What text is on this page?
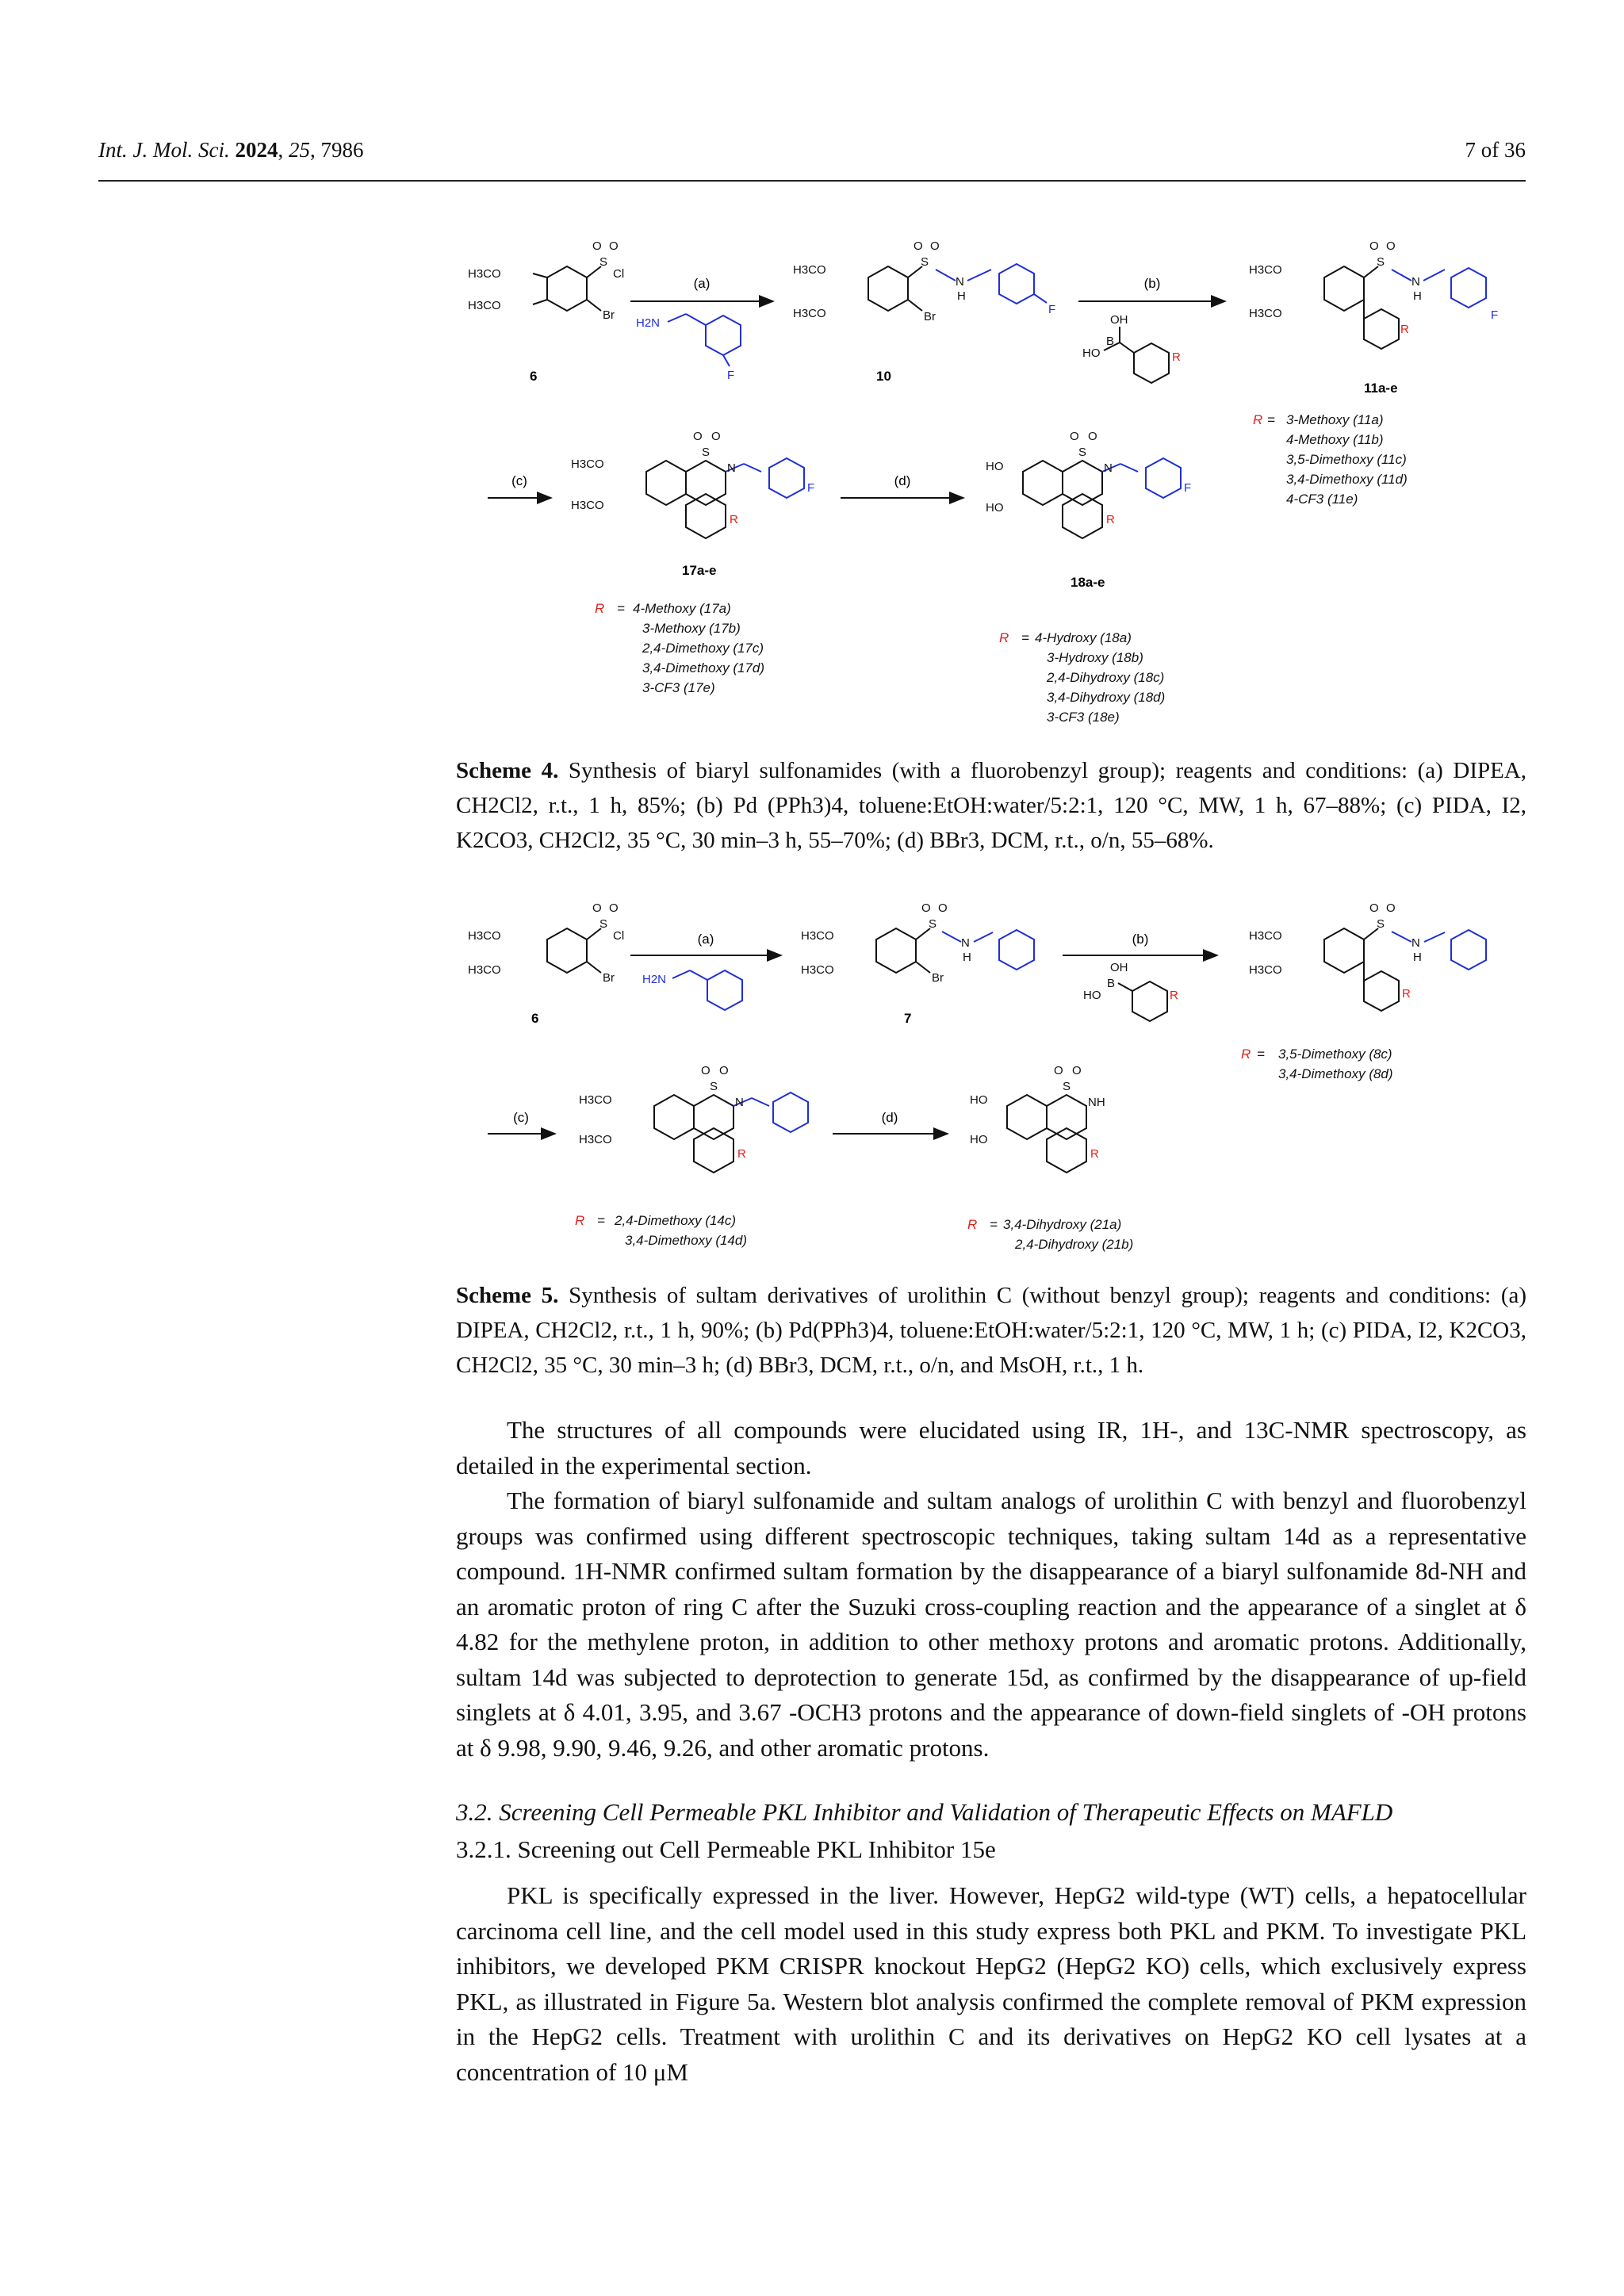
Int. J. Mol. Sci. 2024, 25, 7986	7 of 36
H3CO
H3CO
S
O O
Cl
Br
6
(a)
H2N
F
H3CO
H3CO
S
O O
Br
N
H
F
10
(b)
OH
B
HO	R
H3CO
H3CO
S
O O
N
H
F
R
11a-e
R = 3-Methoxy (11a)
4-Methoxy (11b)
3,5-Dimethoxy (11c)
3,4-Dimethoxy (11d)
4-CF3 (11e)
(c)
H3CO
H3CO
S
O O
N
F
R
17a-e
R = 4-Methoxy (17a)
3-Methoxy (17b)
2,4-Dimethoxy (17c)
3,4-Dimethoxy (17d)
3-CF3 (17e)
(d)
HO
HO
S
O O
N
F
R
18a-e
R = 4-Hydroxy (18a)
3-Hydroxy (18b)
2,4-Dihydroxy (18c)
3,4-Dihydroxy (18d)
3-CF3 (18e)
Scheme 4. Synthesis of biaryl sulfonamides (with a fluorobenzyl group); reagents and conditions: (a) DIPEA, CH2Cl2, r.t., 1 h, 85%; (b) Pd (PPh3)4, toluene:EtOH:water/5:2:1, 120 °C, MW, 1 h, 67–88%; (c) PIDA, I2, K2CO3, CH2Cl2, 35 °C, 30 min–3 h, 55–70%; (d) BBr3, DCM, r.t., o/n, 55–68%.
H3CO
H3CO
S
O O
Cl
Br
6
(a)
H2N
H3CO
H3CO
S
O O
Br
N
H
7
(b)
OH
B
HO	R
H3CO
H3CO
S
O O
N
H
R
R = 3,5-Dimethoxy (8c)
3,4-Dimethoxy (8d)
(c)
H3CO
H3CO
S
O O
N
R
R = 2,4-Dimethoxy (14c)
3,4-Dimethoxy (14d)
(d)
HO
HO
S
O O
NH
R
R = 3,4-Dihydroxy (21a)
2,4-Dihydroxy (21b)
Scheme 5. Synthesis of sultam derivatives of urolithin C (without benzyl group); reagents and conditions: (a) DIPEA, CH2Cl2, r.t., 1 h, 90%; (b) Pd(PPh3)4, toluene:EtOH:water/5:2:1, 120 °C, MW, 1 h; (c) PIDA, I2, K2CO3, CH2Cl2, 35 °C, 30 min–3 h; (d) BBr3, DCM, r.t., o/n, and MsOH, r.t., 1 h.
The structures of all compounds were elucidated using IR, 1H-, and 13C-NMR spectroscopy, as detailed in the experimental section.
The formation of biaryl sulfonamide and sultam analogs of urolithin C with benzyl and fluorobenzyl groups was confirmed using different spectroscopic techniques, taking sultam 14d as a representative compound. 1H-NMR confirmed sultam formation by the disappearance of a biaryl sulfonamide 8d-NH and an aromatic proton of ring C after the Suzuki cross-coupling reaction and the appearance of a singlet at δ 4.82 for the methylene proton, in addition to other methoxy protons and aromatic protons. Additionally, sultam 14d was subjected to deprotection to generate 15d, as confirmed by the disappearance of up-field singlets at δ 4.01, 3.95, and 3.67 -OCH3 protons and the appearance of down-field singlets of -OH protons at δ 9.98, 9.90, 9.46, 9.26, and other aromatic protons.
3.2. Screening Cell Permeable PKL Inhibitor and Validation of Therapeutic Effects on MAFLD
3.2.1. Screening out Cell Permeable PKL Inhibitor 15e
PKL is specifically expressed in the liver. However, HepG2 wild-type (WT) cells, a hepatocellular carcinoma cell line, and the cell model used in this study express both PKL and PKM. To investigate PKL inhibitors, we developed PKM CRISPR knockout HepG2 (HepG2 KO) cells, which exclusively express PKL, as illustrated in Figure 5a. Western blot analysis confirmed the complete removal of PKM expression in the HepG2 cells. Treatment with urolithin C and its derivatives on HepG2 KO cell lysates at a concentration of 10 μM
